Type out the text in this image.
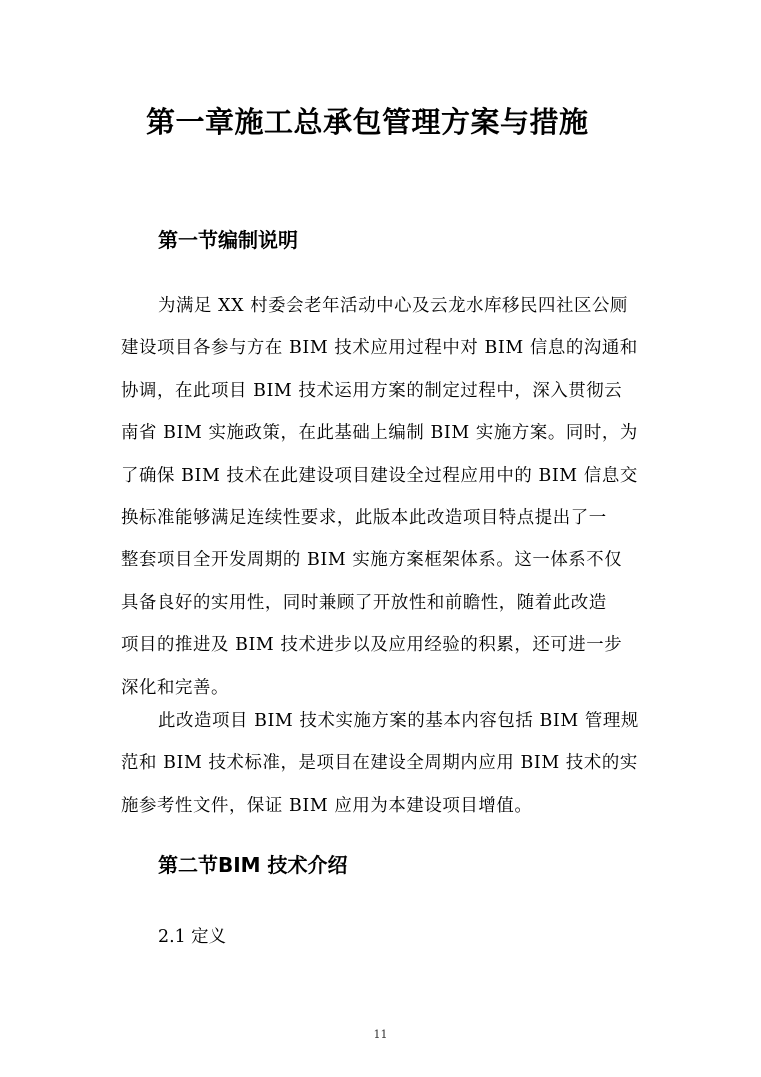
第一章施工总承包管理方案与措施
第一节编制说明
为满足 XX 村委会老年活动中心及云龙水库移民四社区公厕
建设项目各参与方在 BIM 技术应用过程中对 BIM 信息的沟通和
协调，在此项目 BIM 技术运用方案的制定过程中，深入贯彻云
南省 BIM 实施政策，在此基础上编制 BIM 实施方案。同时，为
了确保 BIM 技术在此建设项目建设全过程应用中的 BIM 信息交
换标准能够满足连续性要求，此版本此改造项目特点提出了一
整套项目全开发周期的 BIM 实施方案框架体系。这一体系不仅
具备良好的实用性，同时兼顾了开放性和前瞻性，随着此改造
项目的推进及 BIM 技术进步以及应用经验的积累，还可进一步
深化和完善。
此改造项目 BIM 技术实施方案的基本内容包括 BIM 管理规
范和 BIM 技术标准，是项目在建设全周期内应用 BIM 技术的实
施参考性文件，保证 BIM 应用为本建设项目增值。
第二节BIM 技术介绍
2.1 定义
11
